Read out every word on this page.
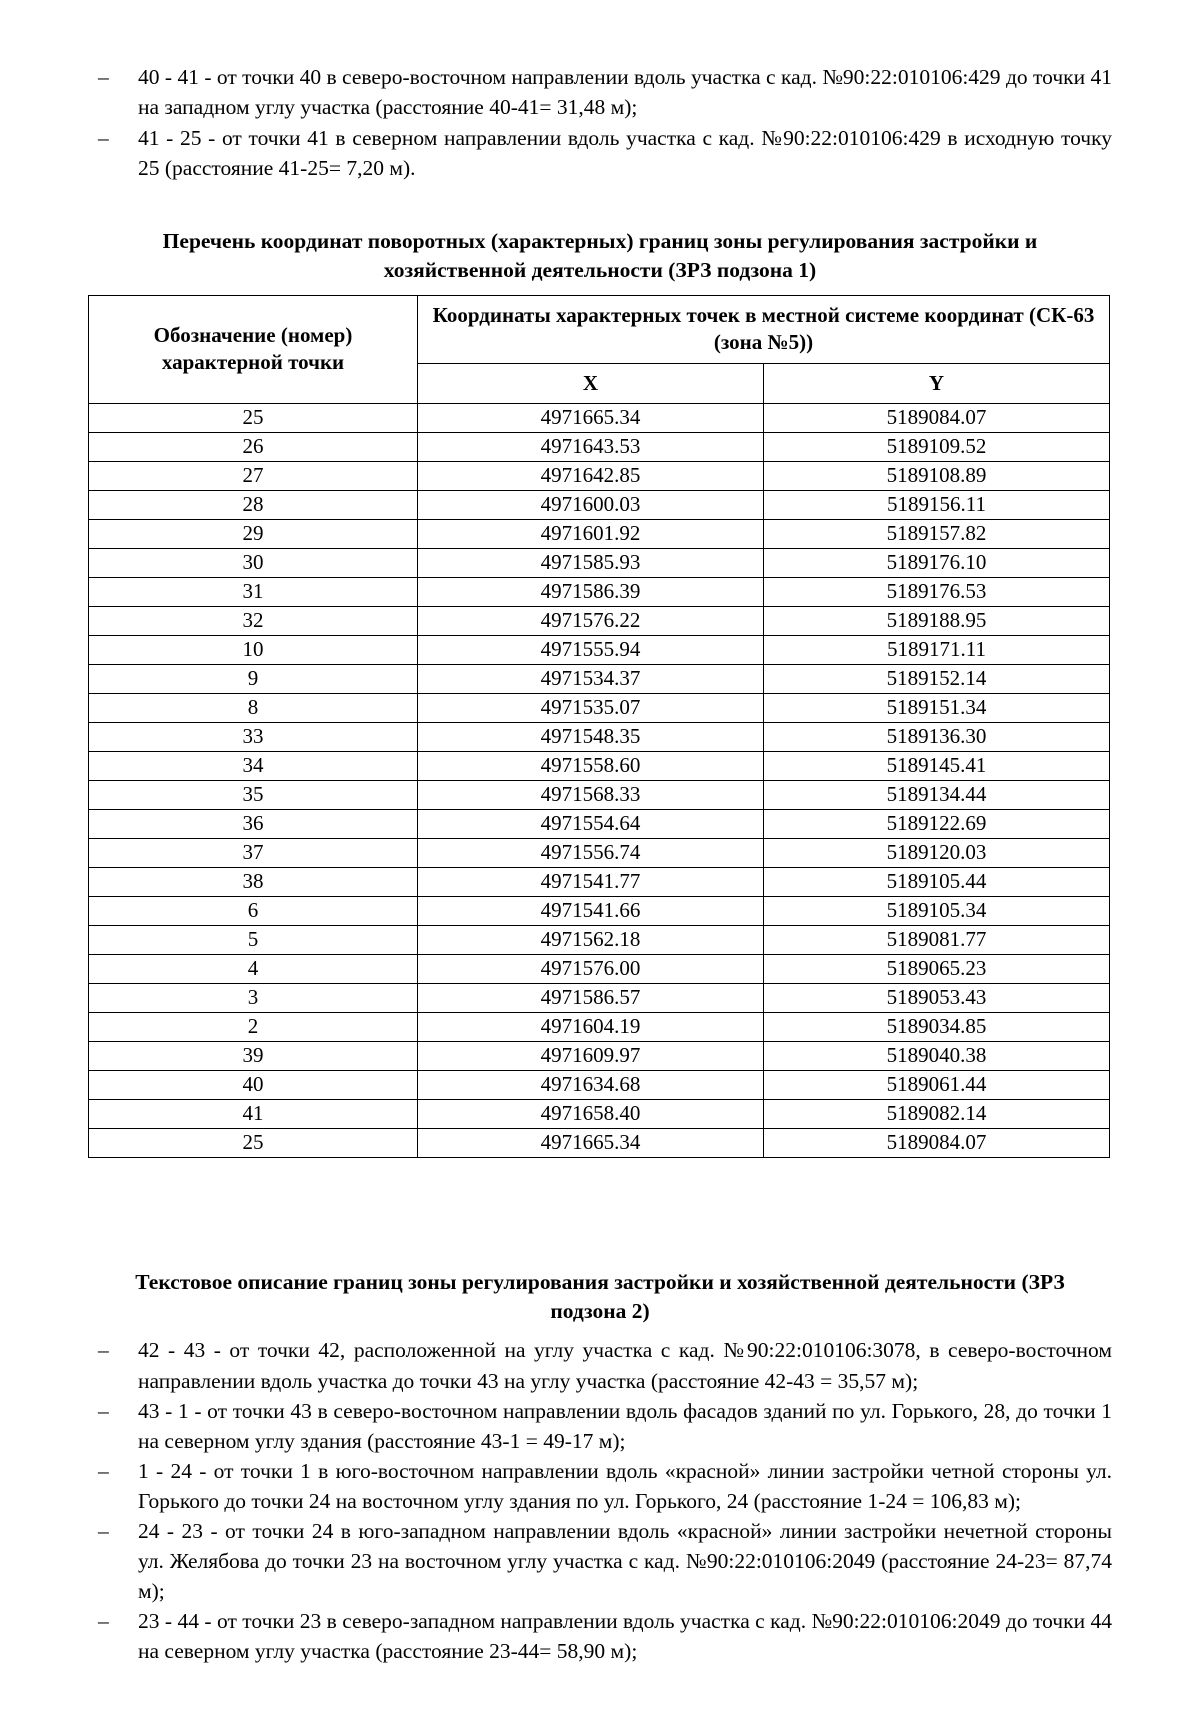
– 40 - 41 - от точки 40 в северо-восточном направлении вдоль участка с кад. №90:22:010106:429 до точки 41 на западном углу участка (расстояние 40-41= 31,48 м);
– 41 - 25 - от точки 41 в северном направлении вдоль участка с кад. №90:22:010106:429 в исходную точку 25 (расстояние 41-25= 7,20 м).
Перечень координат поворотных (характерных) границ зоны регулирования застройки и хозяйственной деятельности (ЗРЗ подзона 1)
Обозначение (номер) характерной точки	Координаты характерных точек в местной системе координат (СК-63 (зона №5))	
	X	Y
25	4971665.34	5189084.07
26	4971643.53	5189109.52
27	4971642.85	5189108.89
28	4971600.03	5189156.11
29	4971601.92	5189157.82
30	4971585.93	5189176.10
31	4971586.39	5189176.53
32	4971576.22	5189188.95
10	4971555.94	5189171.11
9	4971534.37	5189152.14
8	4971535.07	5189151.34
33	4971548.35	5189136.30
34	4971558.60	5189145.41
35	4971568.33	5189134.44
36	4971554.64	5189122.69
37	4971556.74	5189120.03
38	4971541.77	5189105.44
6	4971541.66	5189105.34
5	4971562.18	5189081.77
4	4971576.00	5189065.23
3	4971586.57	5189053.43
2	4971604.19	5189034.85
39	4971609.97	5189040.38
40	4971634.68	5189061.44
41	4971658.40	5189082.14
25	4971665.34	5189084.07
Текстовое описание границ зоны регулирования застройки и хозяйственной деятельности (ЗРЗ подзона 2)
– 42 - 43 - от точки 42, расположенной на углу участка с кад. №90:22:010106:3078, в северо-восточном направлении вдоль участка до точки 43 на углу участка (расстояние 42-43 = 35,57 м);
– 43 - 1 - от точки 43 в северо-восточном направлении вдоль фасадов зданий по ул. Горького, 28, до точки 1 на северном углу здания (расстояние 43-1 = 49-17 м);
– 1 - 24 - от точки 1 в юго-восточном направлении вдоль «красной» линии застройки четной стороны ул. Горького до точки 24 на восточном углу здания по ул. Горького, 24 (расстояние 1-24 = 106,83 м);
– 24 - 23 - от точки 24 в юго-западном направлении вдоль «красной» линии застройки нечетной стороны ул. Желябова до точки 23 на восточном углу участка с кад. №90:22:010106:2049 (расстояние 24-23= 87,74 м);
– 23 - 44 - от точки 23 в северо-западном направлении вдоль участка с кад. №90:22:010106:2049 до точки 44 на северном углу участка (расстояние 23-44= 58,90 м);
